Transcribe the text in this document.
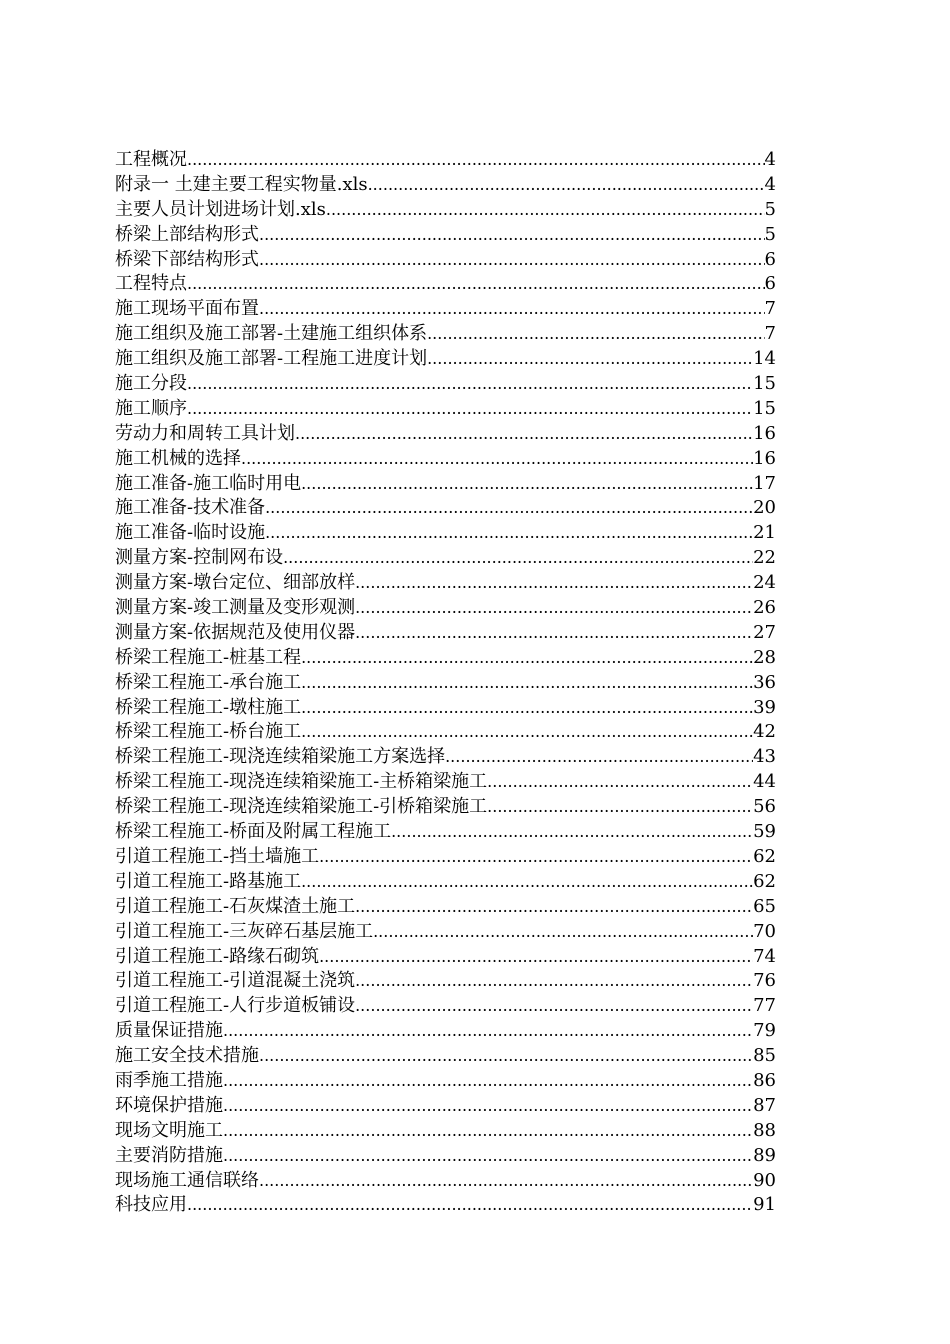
工程概况 .....	4
附录一 土建主要工程实物量.xls .....	4
主要人员计划进场计划.xls .....	5
桥梁上部结构形式 .....	5
桥梁下部结构形式 .....	6
工程特点 .....	6
施工现场平面布置 .....	7
施工组织及施工部署-土建施工组织体系 .....	7
施工组织及施工部署-工程施工进度计划 .....	14
施工分段 .....	15
施工顺序 .....	15
劳动力和周转工具计划 .....	16
施工机械的选择 .....	16
施工准备-施工临时用电 .....	17
施工准备-技术准备 .....	20
施工准备-临时设施 .....	21
测量方案-控制网布设 .....	22
测量方案-墩台定位、细部放样 .....	24
测量方案-竣工测量及变形观测 .....	26
测量方案-依据规范及使用仪器 .....	27
桥梁工程施工-桩基工程 .....	28
桥梁工程施工-承台施工 .....	36
桥梁工程施工-墩柱施工 .....	39
桥梁工程施工-桥台施工 .....	42
桥梁工程施工-现浇连续箱梁施工方案选择 .....	43
桥梁工程施工-现浇连续箱梁施工-主桥箱梁施工 .....	44
桥梁工程施工-现浇连续箱梁施工-引桥箱梁施工 .....	56
桥梁工程施工-桥面及附属工程施工 .....	59
引道工程施工-挡土墙施工 .....	62
引道工程施工-路基施工 .....	62
引道工程施工-石灰煤渣土施工 .....	65
引道工程施工-三灰碎石基层施工 .....	70
引道工程施工-路缘石砌筑 .....	74
引道工程施工-引道混凝土浇筑 .....	76
引道工程施工-人行步道板铺设 .....	77
质量保证措施 .....	79
施工安全技术措施 .....	85
雨季施工措施 .....	86
环境保护措施 .....	87
现场文明施工 .....	88
主要消防措施 .....	89
现场施工通信联络 .....	90
科技应用 .....	91
